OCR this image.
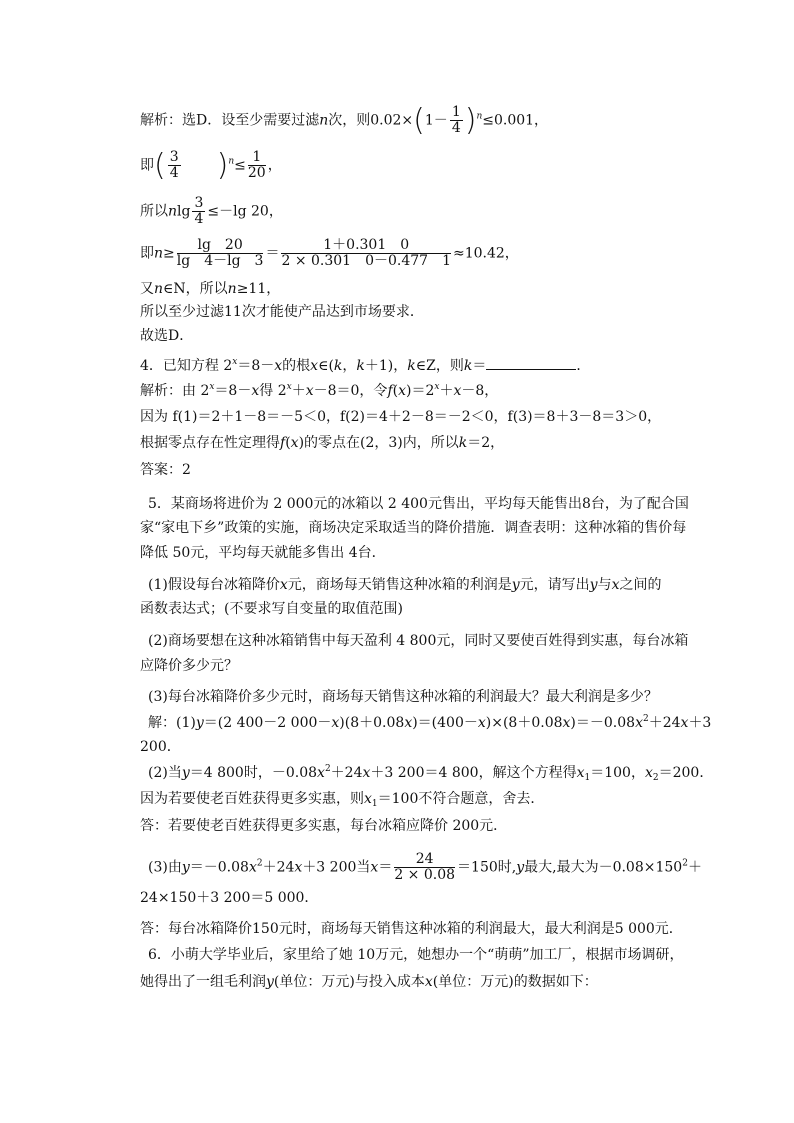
解析：选D．设至少需要过滤n次，则$0.02\times(1- \frac{1}{4} )^n\le 0.001$，
即( $\frac{3}{4} )^n\le \frac{1}{20}$ ，
所以nlg $\frac{3}{4} \le-\lg$ 20，
即$n\ge \frac{\lg 20}{\lg 4-\lg 3} = \frac{1+0.301 0}{2 \times 0.301 0-0.477 1} \approx 10.42$，
又n∈N，所以n≥11，
所以至少过滤11次才能使产品达到市场要求．
故选D．
4．已知方程 $2^x=8-x$的根x∈(k，k＋1)，k∈Z，则k＝	．
解析：由 $2^x=8-x$得 $2^x+x-8=0$，令$f(x)=2^x+x-8$，
因为 f(1)＝2＋1－8＝－5＜0，f(2)＝4＋2－8＝－2＜0，f(3)＝8＋3－8＝3＞0，
根据零点存在性定理得f(x)的零点在(2，3)内，所以k＝2，
答案：2
5．某商场将进价为 2 000元的冰箱以 2 400元售出，平均每天能售出8台，为了配合国
家“家电下乡”政策的实施，商场决定采取适当的降价措施．调查表明：这种冰箱的售价每
降低 50元，平均每天就能多售出 4台．
(1)假设每台冰箱降价x元，商场每天销售这种冰箱的利润是y元，请写出y与x之间的
函数表达式；(不要求写自变量的取值范围)
(2)商场要想在这种冰箱销售中每天盈利 4 800元，同时又要使百姓得到实惠，每台冰箱
应降价多少元？
(3)每台冰箱降价多少元时，商场每天销售这种冰箱的利润最大？最大利润是多少？
解：(1)y＝(2 400－2 $000-x)(8+0.08x)=(400-x)\times(8+0.08x)=-0.08x^2+24x+3$
200．
(2)当y＝4 800时，$-0.08x^2+24x+3$ 200＝4 800，解这个方程得$x_1=100$，$x_2=200$．
因为若要使老百姓获得更多实惠，则$x_1=100$不符合题意，舍去．
答：若要使老百姓获得更多实惠，每台冰箱应降价 200元．
(3)由$y=-0.08x^2+24x+3$ 200当$x= \frac{24}{2 \times 0.08} =150$时,y最大,最大为$-0.08\times 150^2+$
24×150＋3 200＝5 000．
答：每台冰箱降价150元时，商场每天销售这种冰箱的利润最大，最大利润是5 000元．
6．小萌大学毕业后，家里给了她 10万元，她想办一个“萌萌”加工厂，根据市场调研，
她得出了一组毛利润y(单位：万元)与投入成本x(单位：万元)的数据如下：
